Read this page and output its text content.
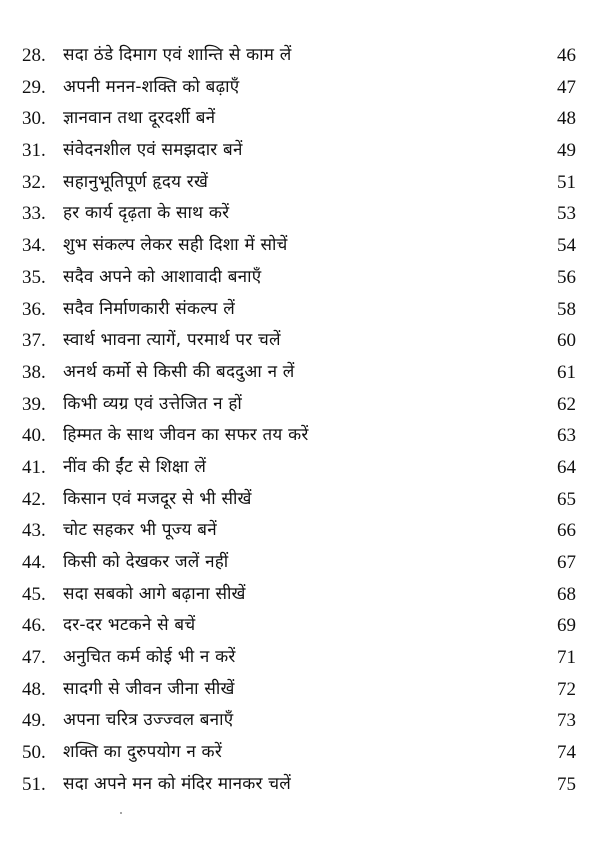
28.	सदा ठंडे दिमाग एवं शान्ति से काम लें	46
29.	अपनी मनन-शक्ति को बढ़ाएँ	47
30.	ज्ञानवान तथा दूरदर्शी बनें	48
31.	संवेदनशील एवं समझदार बनें	49
32.	सहानुभूतिपूर्ण हृदय रखें	51
33.	हर कार्य दृढ़ता के साथ करें	53
34.	शुभ संकल्प लेकर सही दिशा में सोचें	54
35.	सदैव अपने को आशावादी बनाएँ	56
36.	सदैव निर्माणकारी संकल्प लें	58
37.	स्वार्थ भावना त्यागें, परमार्थ पर चलें	60
38.	अनर्थ कर्मो से किसी की बददुआ न लें	61
39.	किभी व्यग्र एवं उत्तेजित न हों	62
40.	हिम्मत के साथ जीवन का सफर तय करें	63
41.	नींव की ईंट से शिक्षा लें	64
42.	किसान एवं मजदूर से भी सीखें	65
43.	चोट सहकर भी पूज्य बनें	66
44.	किसी को देखकर जलें नहीं	67
45.	सदा सबको आगे बढ़ाना सीखें	68
46.	दर-दर भटकने से बचें	69
47.	अनुचित कर्म कोई भी न करें	71
48.	सादगी से जीवन जीना सीखें	72
49.	अपना चरित्र उज्ज्वल बनाएँ	73
50.	शक्ति का दुरुपयोग न करें	74
51.	सदा अपने मन को मंदिर मानकर चलें	75
